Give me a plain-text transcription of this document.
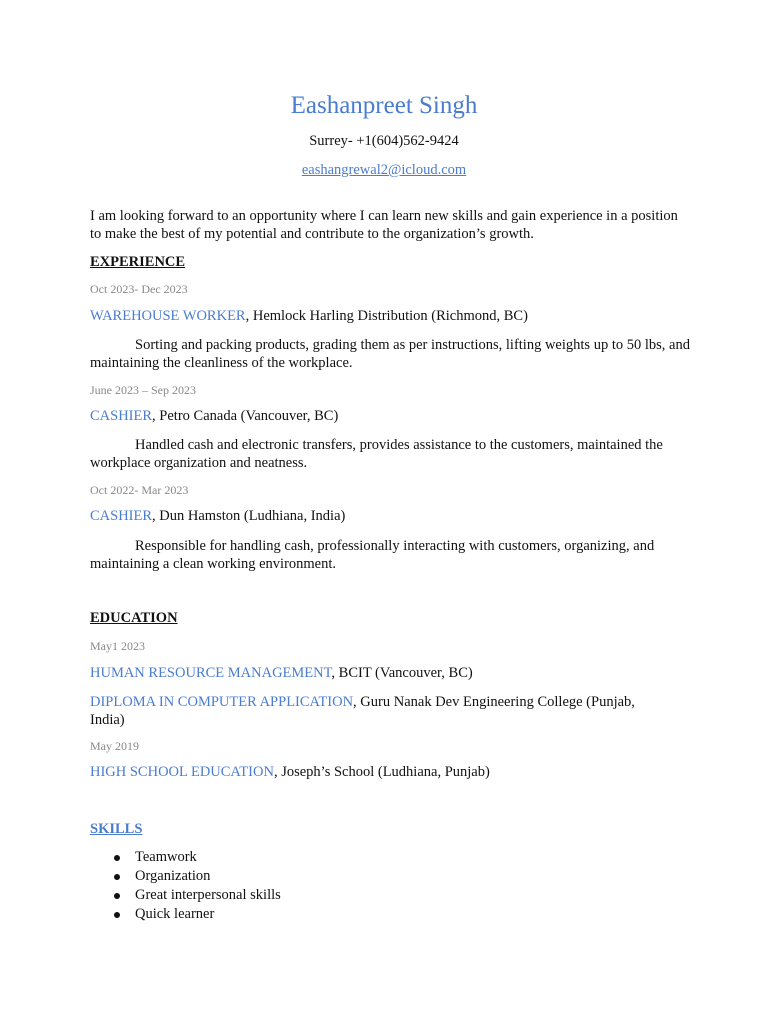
Eashanpreet Singh
Surrey- +1(604)562-9424
eashangrewal2@icloud.com

I am looking forward to an opportunity where I can learn new skills and gain experience in a position to make the best of my potential and contribute to the organization’s growth.

EXPERIENCE
Oct 2023- Dec 2023
WAREHOUSE WORKER, Hemlock Harling Distribution (Richmond, BC)

Sorting and packing products, grading them as per instructions, lifting weights up to 50 lbs, and maintaining the cleanliness of the workplace.

June 2023 – Sep 2023
CASHIER, Petro Canada (Vancouver, BC)

Handled cash and electronic transfers, provides assistance to the customers, maintained the workplace organization and neatness.

Oct 2022- Mar 2023
CASHIER, Dun Hamston (Ludhiana, India)

Responsible for handling cash, professionally interacting with customers, organizing, and maintaining a clean working environment.

EDUCATION
May1 2023
HUMAN RESOURCE MANAGEMENT, BCIT (Vancouver, BC)
DIPLOMA IN COMPUTER APPLICATION, Guru Nanak Dev Engineering College (Punjab, India)
May 2019
HIGH SCHOOL EDUCATION, Joseph’s School (Ludhiana, Punjab)
SKILLS
Teamwork
Organization
Great interpersonal skills
Quick learner
